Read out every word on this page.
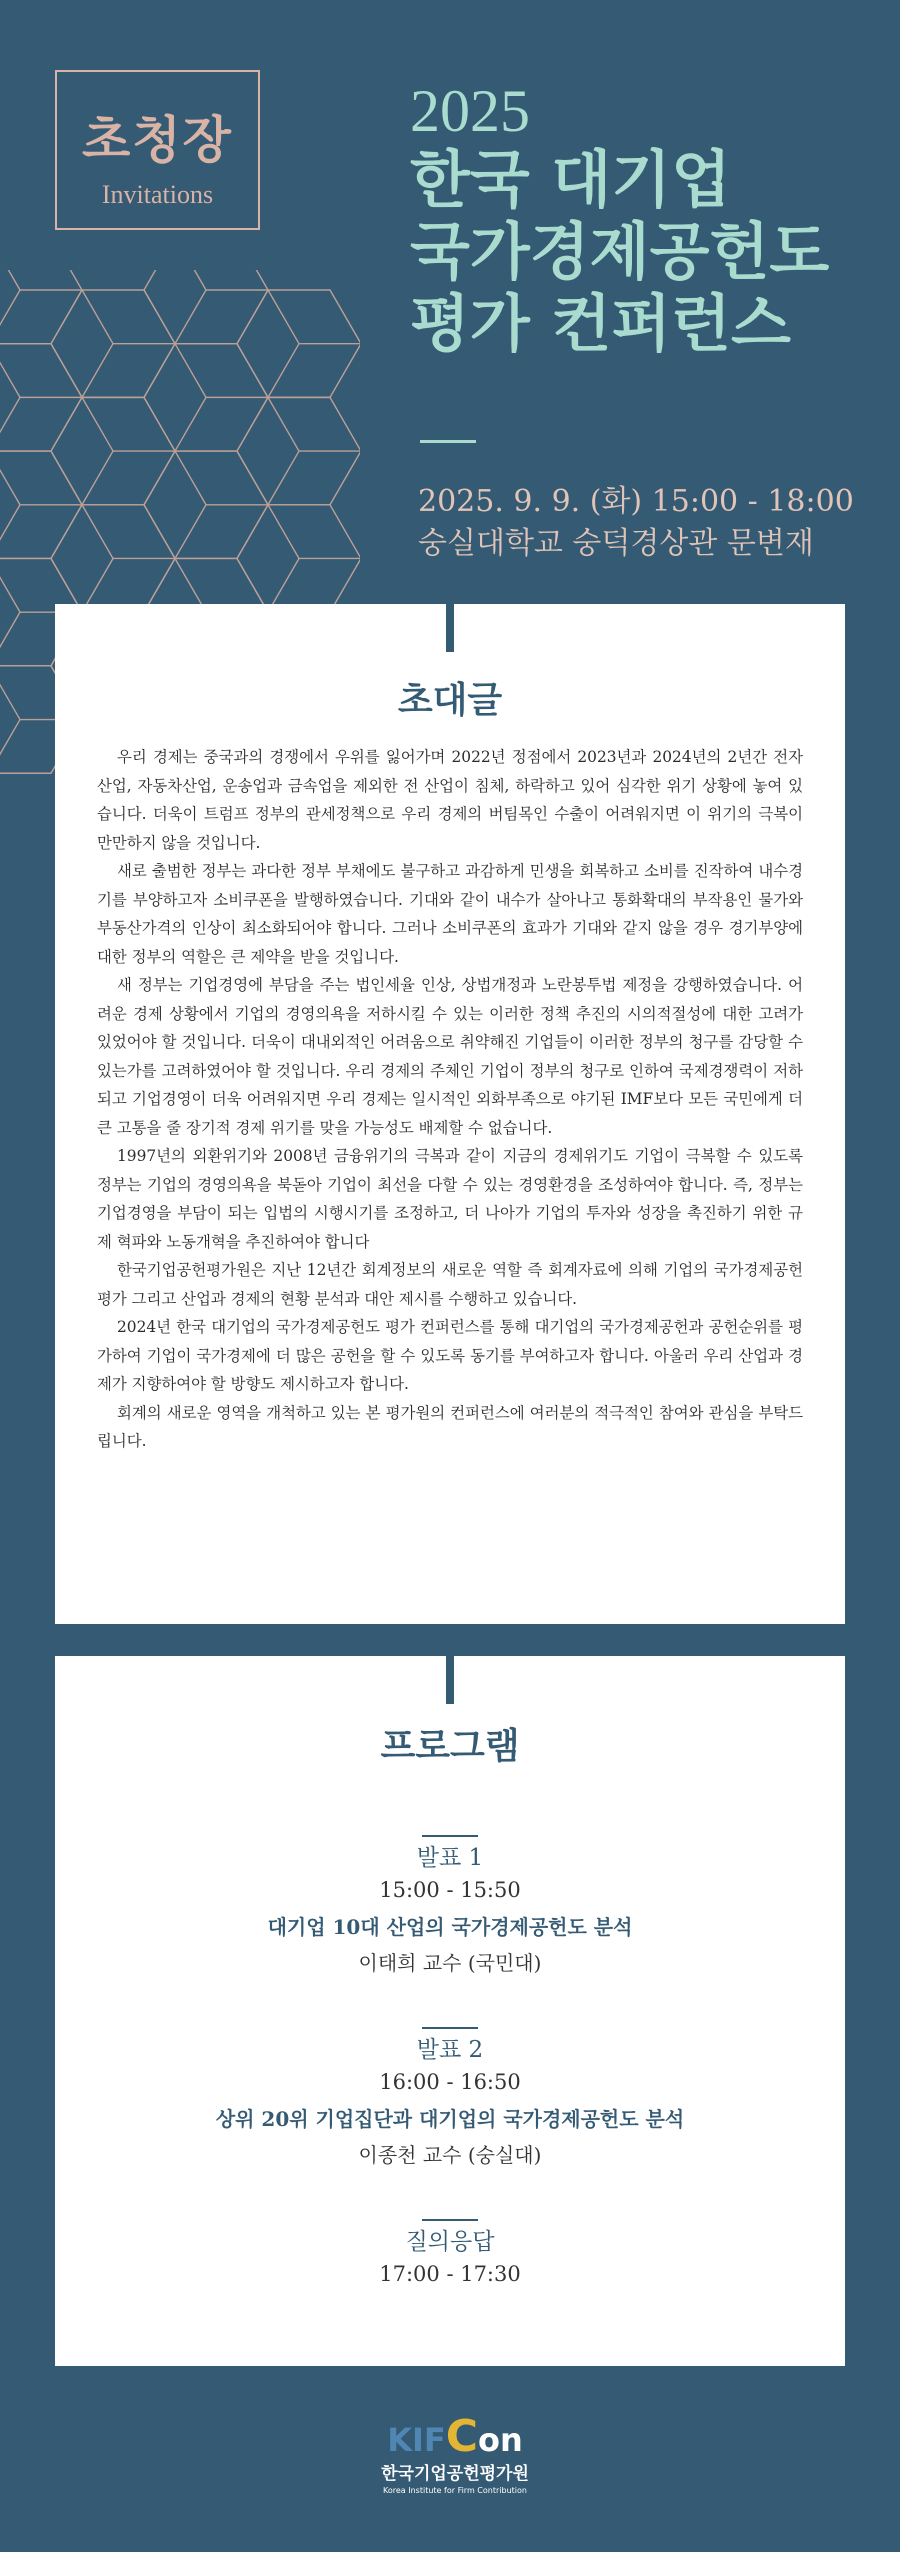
초청장
Invitations
2025
한국 대기업
국가경제공헌도
평가 컨퍼런스
2025. 9. 9. (화) 15:00 - 18:00
숭실대학교 숭덕경상관 문변재
초대글

우리 경제는 중국과의 경쟁에서 우위를 잃어가며 2022년 정점에서 2023년과 2024년의 2년간 전자산업, 자동차산업, 운송업과 금속업을 제외한 전 산업이 침체, 하락하고 있어 심각한 위기 상황에 놓여 있습니다. 더욱이 트럼프 정부의 관세정책으로 우리 경제의 버팀목인 수출이 어려워지면 이 위기의 극복이 만만하지 않을 것입니다.

새로 출범한 정부는 과다한 정부 부채에도 불구하고 과감하게 민생을 회복하고 소비를 진작하여 내수경기를 부양하고자 소비쿠폰을 발행하였습니다. 기대와 같이 내수가 살아나고 통화확대의 부작용인 물가와 부동산가격의 인상이 최소화되어야 합니다. 그러나 소비쿠폰의 효과가 기대와 같지 않을 경우 경기부양에 대한 정부의 역할은 큰 제약을 받을 것입니다.

새 정부는 기업경영에 부담을 주는 법인세율 인상, 상법개정과 노란봉투법 제정을 강행하였습니다. 어려운 경제 상황에서 기업의 경영의욕을 저하시킬 수 있는 이러한 정책 추진의 시의적절성에 대한 고려가 있었어야 할 것입니다. 더욱이 대내외적인 어려움으로 취약해진 기업들이 이러한 정부의 청구를 감당할 수 있는가를 고려하였어야 할 것입니다. 우리 경제의 주체인 기업이 정부의 청구로 인하여 국제경쟁력이 저하되고 기업경영이 더욱 어려워지면 우리 경제는 일시적인 외화부족으로 야기된 IMF보다 모든 국민에게 더 큰 고통을 줄 장기적 경제 위기를 맞을 가능성도 배제할 수 없습니다.

1997년의 외환위기와 2008년 금융위기의 극복과 같이 지금의 경제위기도 기업이 극복할 수 있도록 정부는 기업의 경영의욕을 북돋아 기업이 최선을 다할 수 있는 경영환경을 조성하여야 합니다. 즉, 정부는 기업경영을 부담이 되는 입법의 시행시기를 조정하고, 더 나아가 기업의 투자와 성장을 촉진하기 위한 규제 혁파와 노동개혁을 추진하여야 합니다

한국기업공헌평가원은 지난 12년간 회계정보의 새로운 역할 즉 회계자료에 의해 기업의 국가경제공헌 평가 그리고 산업과 경제의 현황 분석과 대안 제시를 수행하고 있습니다.

2024년 한국 대기업의 국가경제공헌도 평가 컨퍼런스를 통해 대기업의 국가경제공헌과 공헌순위를 평가하여 기업이 국가경제에 더 많은 공헌을 할 수 있도록 동기를 부여하고자 합니다. 아울러 우리 산업과 경제가 지향하여야 할 방향도 제시하고자 합니다.

회계의 새로운 영역을 개척하고 있는 본 평가원의 컨퍼런스에 여러분의 적극적인 참여와 관심을 부탁드립니다.

프로그램
발표 1
15:00 - 15:50
대기업 10대 산업의 국가경제공헌도 분석
이태희 교수 (국민대)
발표 2
16:00 - 16:50
상위 20위 기업집단과 대기업의 국가경제공헌도 분석
이종천 교수 (숭실대)
질의응답
17:00 - 17:30
KIFCon
한국기업공헌평가원
Korea Institute for Firm Contribution
